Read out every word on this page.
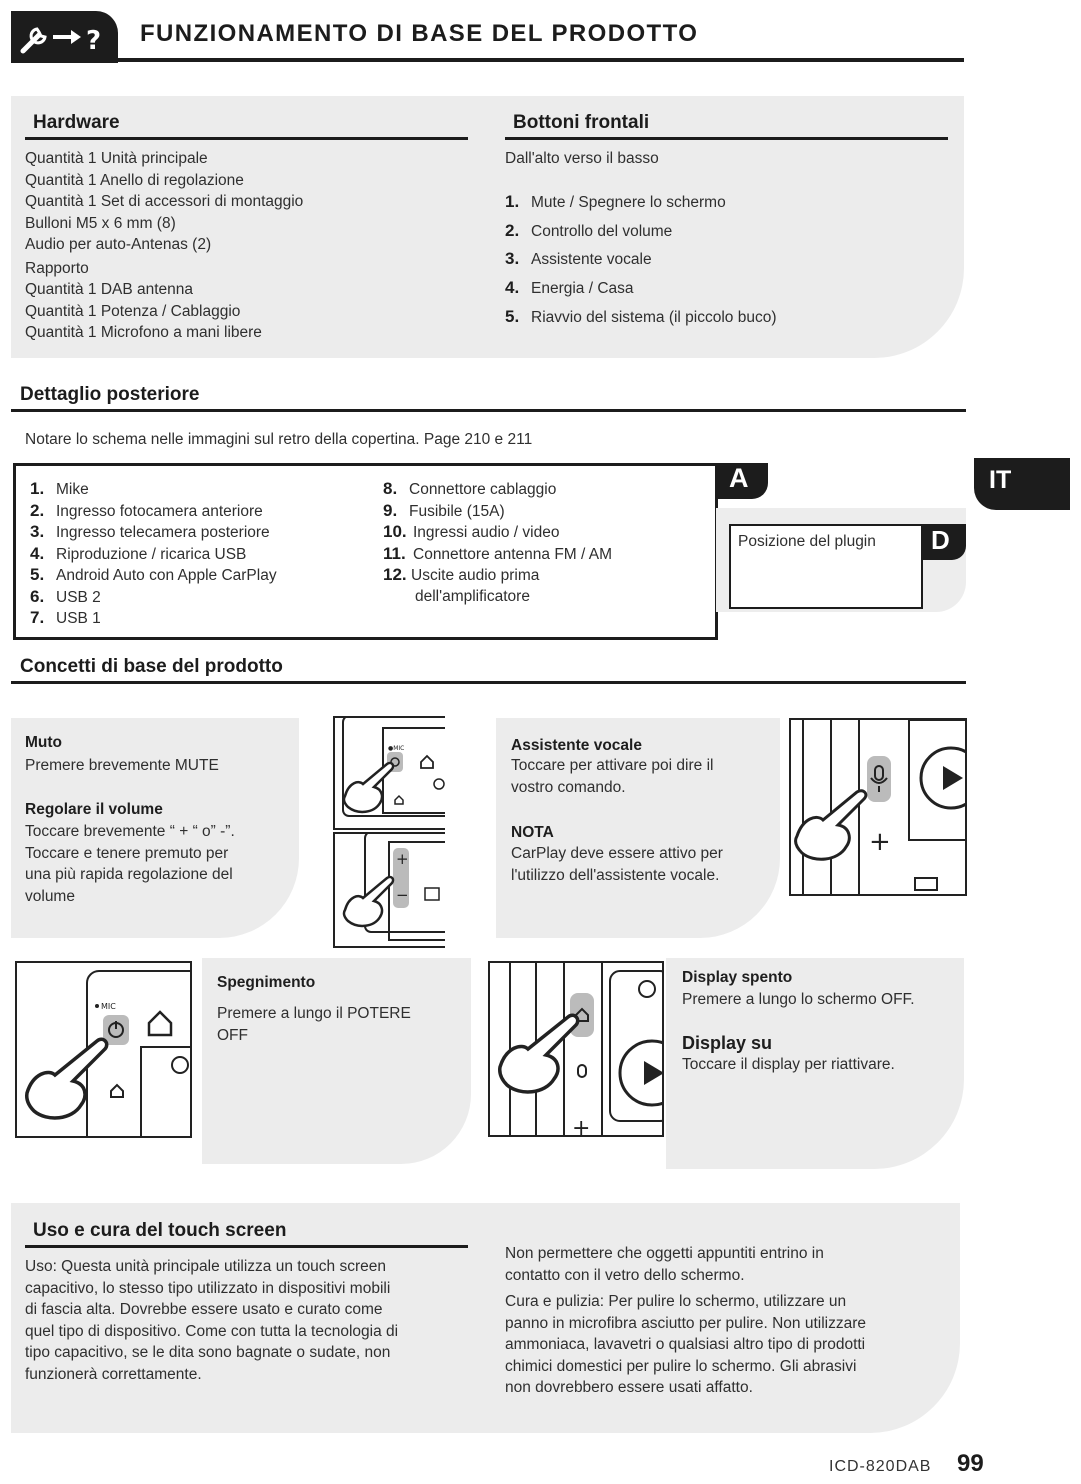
? FUNZIONAMENTO DI BASE DEL PRODOTTO
Hardware
Quantità 1 Unità principale
Quantità 1 Anello di regolazione
Quantità 1 Set di accessori di montaggio
Bulloni M5 x 6 mm (8)
Audio per auto-Antenas (2)
Rapporto
Quantità 1 DAB antenna
Quantità 1 Potenza / Cablaggio
Quantità 1 Microfono a mani libere
Bottoni frontali
Dall'alto verso il basso
1. Mute / Spegnere lo schermo
2. Controllo del volume
3. Assistente vocale
4. Energia / Casa
5. Riavvio del sistema (il piccolo buco)
Dettaglio posteriore
Notare lo schema nelle immagini sul retro della copertina. Page 210 e 211
1. Mike
2. Ingresso fotocamera anteriore
3. Ingresso telecamera posteriore
4. Riproduzione / ricarica USB
5. Android Auto con Apple CarPlay
6. USB 2
7. USB 1
8. Connettore cablaggio
9. Fusibile (15A)
10. Ingressi audio / video
11. Connettore antenna FM / AM
12. Uscite audio prima
dell'amplificatore
A
Posizione del plugin D
IT
Concetti di base del prodotto
Muto
Premere brevemente MUTE
Regolare il volume
Toccare brevemente “ + “ o” -”.
Toccare e tenere premuto per
una più rapida regolazione del
volume
●MIC
+
−
Assistente vocale
Toccare per attivare poi dire il
vostro comando.
NOTA
CarPlay deve essere attivo per
l'utilizzo dell'assistente vocale.
+
MIC
Spegnimento
Premere a lungo il POTERE
OFF
+
Display spento
Premere a lungo lo schermo OFF.
Display su
Toccare il display per riattivare.
Uso e cura del touch screen
Uso: Questa unità principale utilizza un touch screen
capacitivo, lo stesso tipo utilizzato in dispositivi mobili
di fascia alta. Dovrebbe essere usato e curato come
quel tipo di dispositivo. Come con tutta la tecnologia di
tipo capacitivo, se le dita sono bagnate o sudate, non
funzionerà correttamente.
Non permettere che oggetti appuntiti entrino in
contatto con il vetro dello schermo.
Cura e pulizia: Per pulire lo schermo, utilizzare un
panno in microfibra asciutto per pulire. Non utilizzare
ammoniaca, lavavetri o qualsiasi altro tipo di prodotti
chimici domestici per pulire lo schermo. Gli abrasivi
non dovrebbero essere usati affatto.
ICD-820DAB 99
